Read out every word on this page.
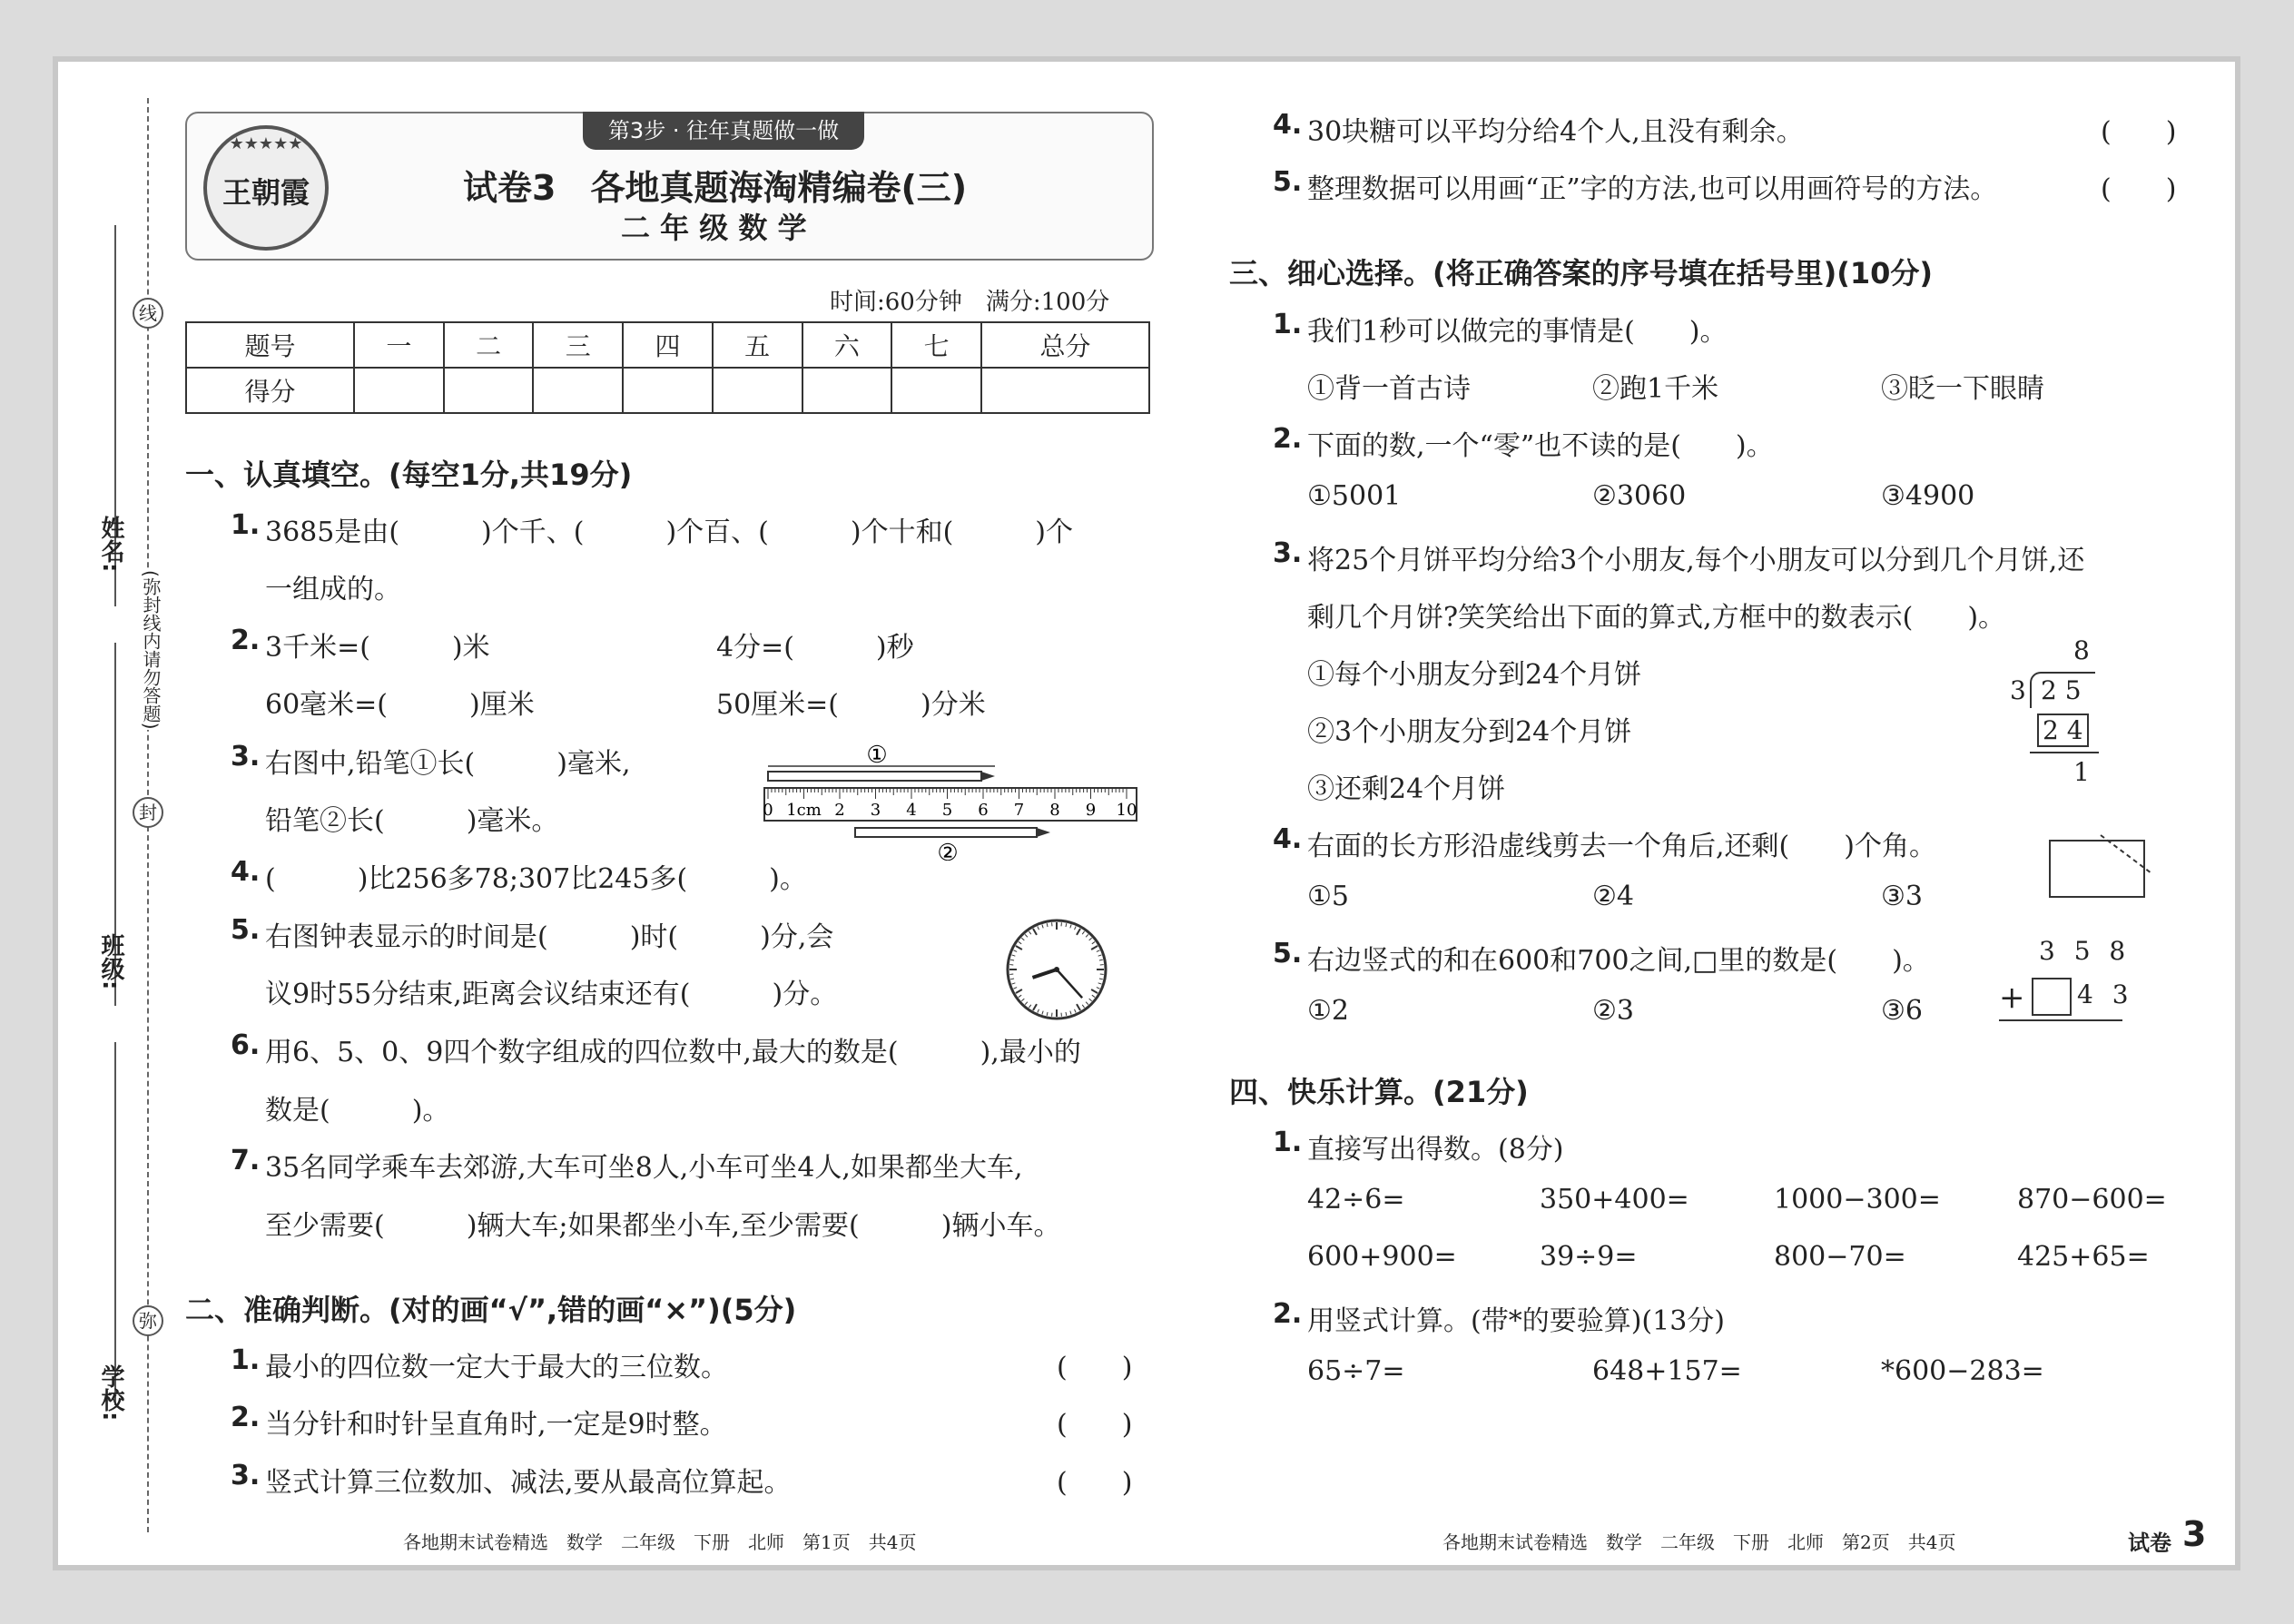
姓名:
班级:
学校:
(弥封线内请勿答题)
线
封
弥
第3步 · 往年真题做一做
★★★★★
王朝霞	试卷3　各地真题海淘精编卷(三)
二 年 级 数 学
时间:60分钟　满分:100分
题号	一	二	三	四	五	六	七	总分
得分								
一、认真填空。(每空1分,共19分)
1. 3685是由(　　　)个千、(　　　)个百、(　　　)个十和(　　　)个
一组成的。
2. 3千米=(　　　)米	4分=(　　　)秒
60毫米=(　　　)厘米	50厘米=(　　　)分米
3. 右图中,铅笔①长(　　　)毫米,
铅笔②长(　　　)毫米。
①
0 1cm 2 3 4 5 6 7 8 9 10
②
4. (　　　)比256多78;307比245多(　　　)。
5. 右图钟表显示的时间是(　　　)时(　　　)分,会
议9时55分结束,距离会议结束还有(　　　)分。
6. 用6、5、0、9四个数字组成的四位数中,最大的数是(　　　),最小的
数是(　　　)。
7. 35名同学乘车去郊游,大车可坐8人,小车可坐4人,如果都坐大车,
至少需要(　　　)辆大车;如果都坐小车,至少需要(　　　)辆小车。
二、准确判断。(对的画“√”,错的画“×”)(5分)
1. 最小的四位数一定大于最大的三位数。	(　　)
2. 当分针和时针呈直角时,一定是9时整。	(　　)
3. 竖式计算三位数加、减法,要从最高位算起。	(　　)
各地期末试卷精选　数学　二年级　下册　北师　第1页　共4页
4. 30块糖可以平均分给4个人,且没有剩余。	(　　)
5. 整理数据可以用画“正”字的方法,也可以用画符号的方法。	(　　)
三、细心选择。(将正确答案的序号填在括号里)(10分)
1. 我们1秒可以做完的事情是(　　)。
①背一首古诗	②跑1千米	③眨一下眼睛
2. 下面的数,一个“零”也不读的是(　　)。
①5001	②3060	③4900
3. 将25个月饼平均分给3个小朋友,每个小朋友可以分到几个月饼,还
剩几个月饼?笑笑给出下面的算式,方框中的数表示(　　)。
①每个小朋友分到24个月饼
②3个小朋友分到24个月饼
③还剩24个月饼
8
3 2 5
2 4
1
4. 右面的长方形沿虚线剪去一个角后,还剩(　　)个角。
①5	②4	③3
5. 右边竖式的和在600和700之间,□里的数是(　　)。
①2	②3	③6
3 5 8
+ 4 3
四、快乐计算。(21分)
1. 直接写出得数。(8分)
42÷6=	350+400=	1000−300=	870−600=
600+900=	39÷9=	800−70=	425+65=
2. 用竖式计算。(带*的要验算)(13分)
65÷7=	648+157=	*600−283=
各地期末试卷精选　数学　二年级　下册　北师　第2页　共4页	试卷 3
